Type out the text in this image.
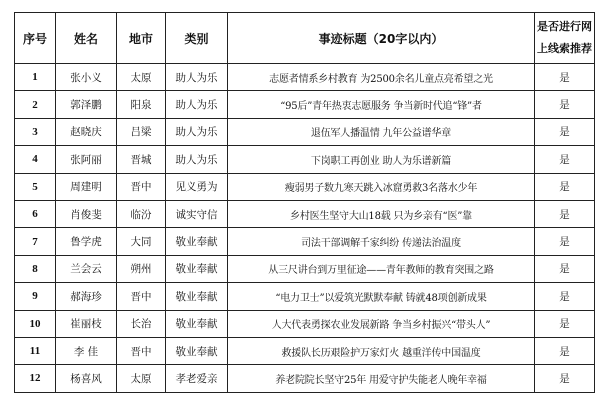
序号	姓名	地市	类别	事迹标题（20字以内）	是否进行网上线索推荐
1	张小义	太原	助人为乐	志愿者情系乡村教育 为2500余名儿童点亮希望之光	是
2	郭泽鹏	阳泉	助人为乐	“95后”青年热衷志愿服务 争当新时代追“锋”者	是
3	赵晓庆	吕梁	助人为乐	退伍军人播温情 九年公益谱华章	是
4	张阿丽	晋城	助人为乐	下岗职工再创业 助人为乐谱新篇	是
5	周建明	晋中	见义勇为	瘦弱男子数九寒天跳入冰窟勇救3名落水少年	是
6	肖俊斐	临汾	诚实守信	乡村医生坚守大山18载 只为乡亲有“医”靠	是
7	鲁学虎	大同	敬业奉献	司法干部调解千家纠纷 传递法治温度	是
8	兰会云	朔州	敬业奉献	从三尺讲台到万里征途——青年教师的教育突围之路	是
9	郝海珍	晋中	敬业奉献	“电力卫士”以爱筑光默默奉献 铸就48项创新成果	是
10	崔丽枝	长治	敬业奉献	人大代表勇探农业发展新路 争当乡村振兴“带头人”	是
11	李 佳	晋中	敬业奉献	救援队长历艰险护万家灯火 越重洋传中国温度	是
12	杨喜风	太原	孝老爱亲	养老院院长坚守25年 用爱守护失能老人晚年幸福	是
